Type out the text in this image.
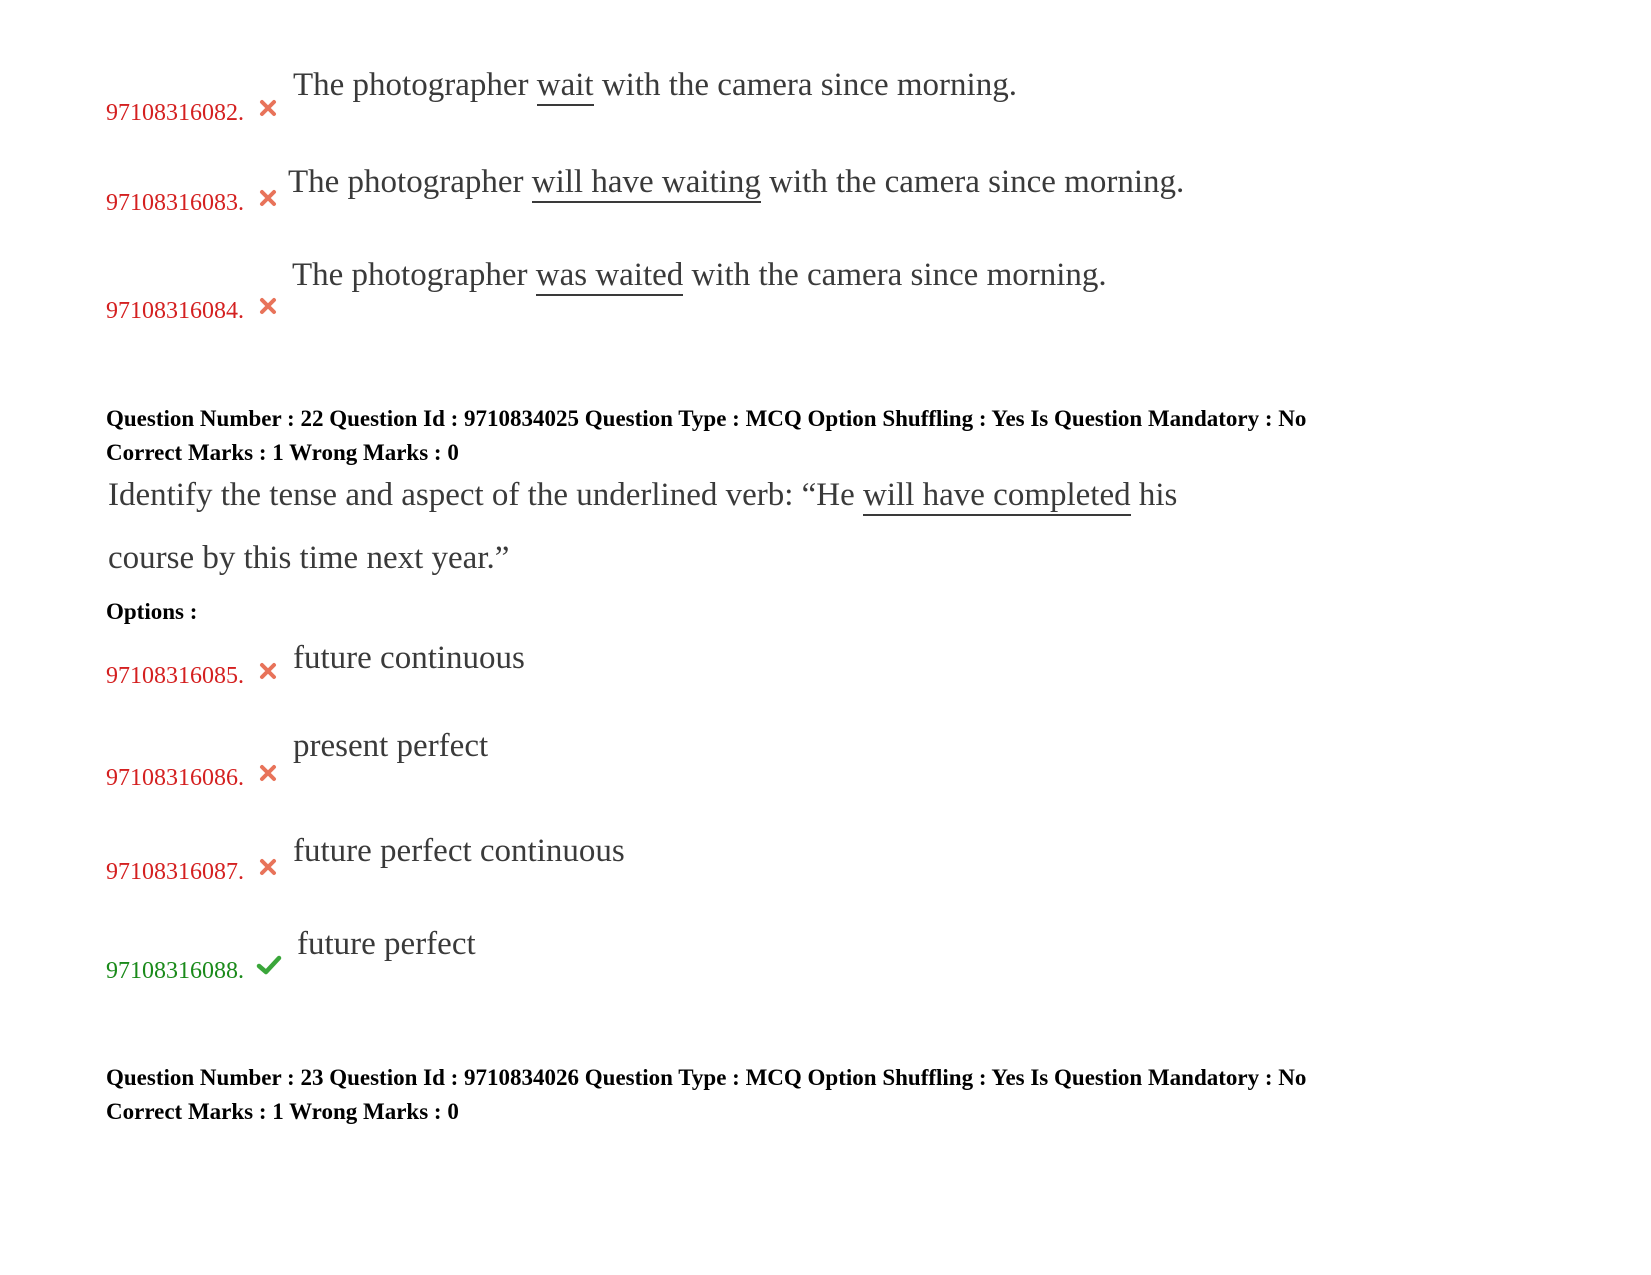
97108316082.
The photographer wait with the camera since morning.
97108316083.
The photographer will have waiting with the camera since morning.
97108316084.
The photographer was waited with the camera since morning.
Question Number : 22 Question Id : 9710834025 Question Type : MCQ Option Shuffling : Yes Is Question Mandatory : No
Correct Marks : 1 Wrong Marks : 0
Identify the tense and aspect of the underlined verb: “He will have completed his
course by this time next year.”
Options :
97108316085. future continuous
97108316086.
present perfect
97108316087.
future perfect continuous
97108316088.
future perfect
Question Number : 23 Question Id : 9710834026 Question Type : MCQ Option Shuffling : Yes Is Question Mandatory : No
Correct Marks : 1 Wrong Marks : 0
